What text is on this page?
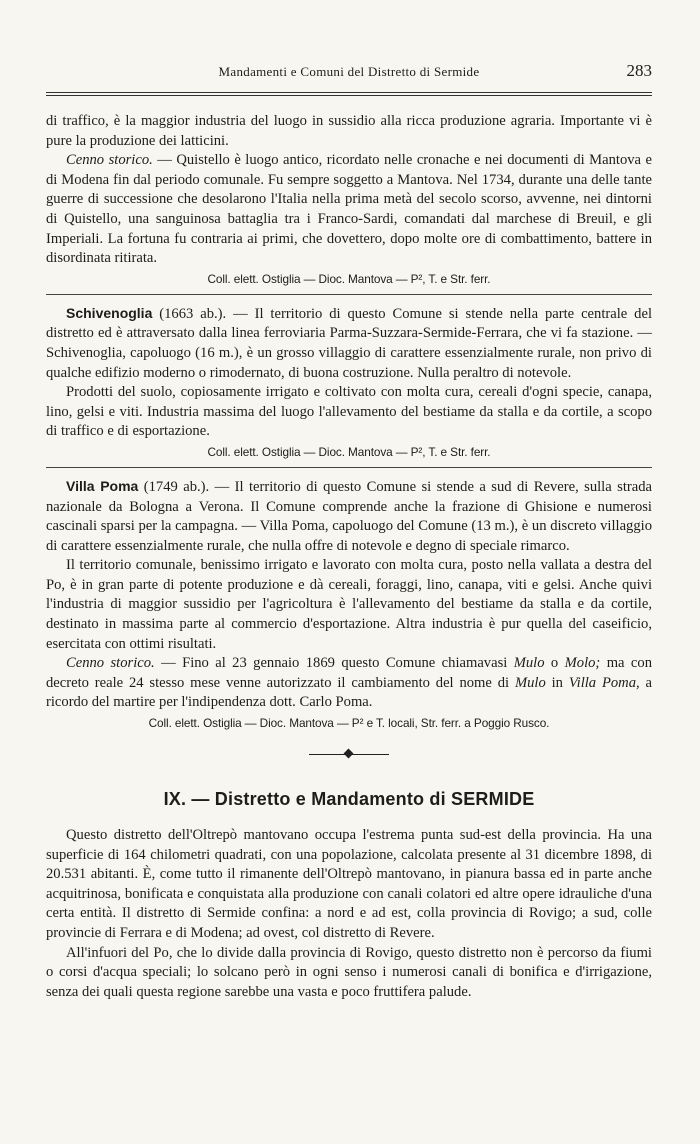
Mandamenti e Comuni del Distretto di Sermide	283

di traffico, è la maggior industria del luogo in sussidio alla ricca produzione agraria. Importante vi è pure la produzione dei latticini.

Cenno storico. — Quistello è luogo antico, ricordato nelle cronache e nei documenti di Mantova e di Modena fin dal periodo comunale. Fu sempre soggetto a Mantova. Nel 1734, durante una delle tante guerre di successione che desolarono l'Italia nella prima metà del secolo scorso, avvenne, nei dintorni di Quistello, una sanguinosa battaglia tra i Franco-Sardi, comandati dal marchese di Breuil, e gli Imperiali. La fortuna fu contraria ai primi, che dovettero, dopo molte ore di combattimento, battere in disordinata ritirata.

Coll. elett. Ostiglia — Dioc. Mantova — P², T. e Str. ferr.

Schivenoglia (1663 ab.). — Il territorio di questo Comune si stende nella parte centrale del distretto ed è attraversato dalla linea ferroviaria Parma-Suzzara-Sermide-Ferrara, che vi fa stazione. — Schivenoglia, capoluogo (16 m.), è un grosso villaggio di carattere essenzialmente rurale, non privo di qualche edifizio moderno o rimodernato, di buona costruzione. Nulla peraltro di notevole.

Prodotti del suolo, copiosamente irrigato e coltivato con molta cura, cereali d'ogni specie, canapa, lino, gelsi e viti. Industria massima del luogo l'allevamento del bestiame da stalla e da cortile, a scopo di traffico e di esportazione.

Coll. elett. Ostiglia — Dioc. Mantova — P², T. e Str. ferr.

Villa Poma (1749 ab.). — Il territorio di questo Comune si stende a sud di Revere, sulla strada nazionale da Bologna a Verona. Il Comune comprende anche la frazione di Ghisione e numerosi cascinali sparsi per la campagna. — Villa Poma, capoluogo del Comune (13 m.), è un discreto villaggio di carattere essenzialmente rurale, che nulla offre di notevole e degno di speciale rimarco.

Il territorio comunale, benissimo irrigato e lavorato con molta cura, posto nella vallata a destra del Po, è in gran parte di potente produzione e dà cereali, foraggi, lino, canapa, viti e gelsi. Anche quivi l'industria di maggior sussidio per l'agricoltura è l'allevamento del bestiame da stalla e da cortile, destinato in massima parte al commercio d'esportazione. Altra industria è pur quella del caseificio, esercitata con ottimi risultati.

Cenno storico. — Fino al 23 gennaio 1869 questo Comune chiamavasi Mulo o Molo; ma con decreto reale 24 stesso mese venne autorizzato il cambiamento del nome di Mulo in Villa Poma, a ricordo del martire per l'indipendenza dott. Carlo Poma.

Coll. elett. Ostiglia — Dioc. Mantova — P² e T. locali, Str. ferr. a Poggio Rusco.

IX. — Distretto e Mandamento di SERMIDE

Questo distretto dell'Oltrepò mantovano occupa l'estrema punta sud-est della provincia. Ha una superficie di 164 chilometri quadrati, con una popolazione, calcolata presente al 31 dicembre 1898, di 20.531 abitanti. È, come tutto il rimanente dell'Oltrepò mantovano, in pianura bassa ed in parte anche acquitrinosa, bonificata e conquistata alla produzione con canali colatori ed altre opere idrauliche d'una certa entità. Il distretto di Sermide confina: a nord e ad est, colla provincia di Rovigo; a sud, colle provincie di Ferrara e di Modena; ad ovest, col distretto di Revere.

All'infuori del Po, che lo divide dalla provincia di Rovigo, questo distretto non è percorso da fiumi o corsi d'acqua speciali; lo solcano però in ogni senso i numerosi canali di bonifica e d'irrigazione, senza dei quali questa regione sarebbe una vasta e poco fruttifera palude.
